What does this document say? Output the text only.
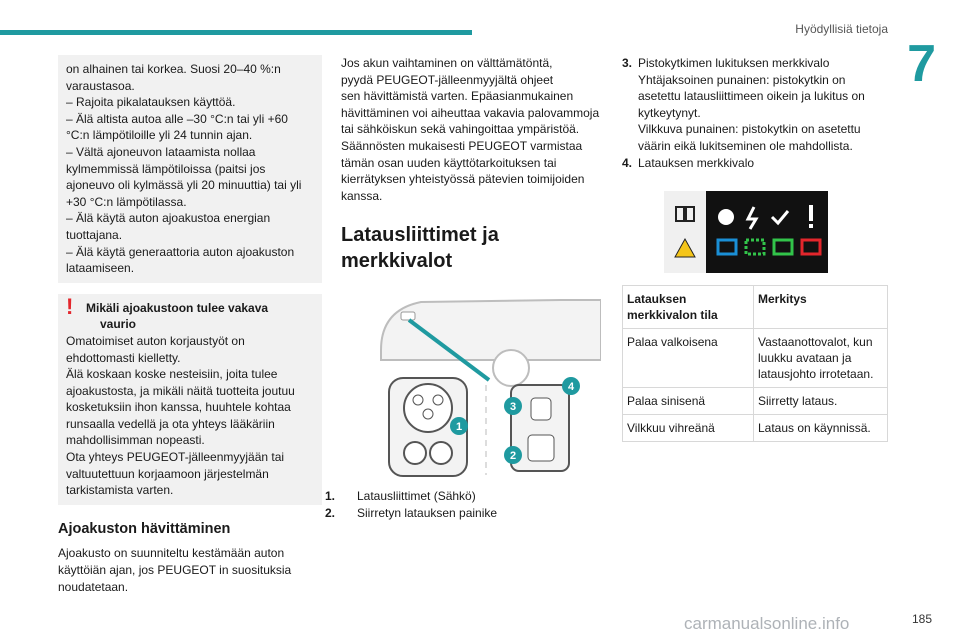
Hyödyllisiä tietoja
7
on alhainen tai korkea. Suosi 20–40 %:n
varaustasoa.
– Rajoita pikalatauksen käyttöä.
– Älä altista autoa alle –30 °C:n tai yli +60
°C:n lämpötiloille yli 24 tunnin ajan.
– Vältä ajoneuvon lataamista nollaa
kylmemmissä lämpötiloissa (paitsi jos
ajoneuvo oli kylmässä yli 20 minuuttia) tai yli
+30 °C:n lämpötilassa.
– Älä käytä auton ajoakustoa energian
tuottajana.
– Älä käytä generaattoria auton ajoakuston
lataamiseen.
! Mikäli ajoakustoon tulee vakava
vaurio
Omatoimiset auton korjaustyöt on
ehdottomasti kielletty.
Älä koskaan koske nesteisiin, joita tulee
ajoakustosta, ja mikäli näitä tuotteita joutuu
kosketuksiin ihon kanssa, huuhtele kohtaa
runsaalla vedellä ja ota yhteys lääkäriin
mahdollisimman nopeasti.
Ota yhteys PEUGEOT-jälleenmyyjään tai
valtuutettuun korjaamoon järjestelmän
tarkistamista varten.
Ajoakuston hävittäminen
Ajoakusto on suunniteltu kestämään auton
käyttöiän ajan, jos PEUGEOT in suosituksia
noudatetaan.
Jos akun vaihtaminen on välttämätöntä,
pyydä PEUGEOT-jälleenmyyjältä ohjeet
sen hävittämistä varten. Epäasianmukainen
hävittäminen voi aiheuttaa vakavia palovammoja
tai sähköiskun sekä vahingoittaa ympäristöä.
Säännösten mukaisesti PEUGEOT varmistaa
tämän osan uuden käyttötarkoituksen tai
kierrätyksen yhteistyössä pätevien toimijoiden
kanssa.
Latausliittimet ja
merkkivalot
1
2
3
4
1. Latausliittimet (Sähkö)
2. Siirretyn latauksen painike
3. Pistokytkimen lukituksen merkkivalo
Yhtäjaksoinen punainen: pistokytkin on
asetettu latausliittimeen oikein ja lukitus on
kytkeytynyt.
Vilkkuva punainen: pistokytkin on asetettu
väärin eikä lukitseminen ole mahdollista.
4. Latauksen merkkivalo
Latauksen merkkivalon tila	Merkitys
Palaa valkoisena	Vastaanottovalot, kun luukku avataan ja latausjohto irrotetaan.
Palaa sinisenä	Siirretty lataus.
Vilkkuu vihreänä	Lataus on käynnissä.
carmanualsonline.info	185
